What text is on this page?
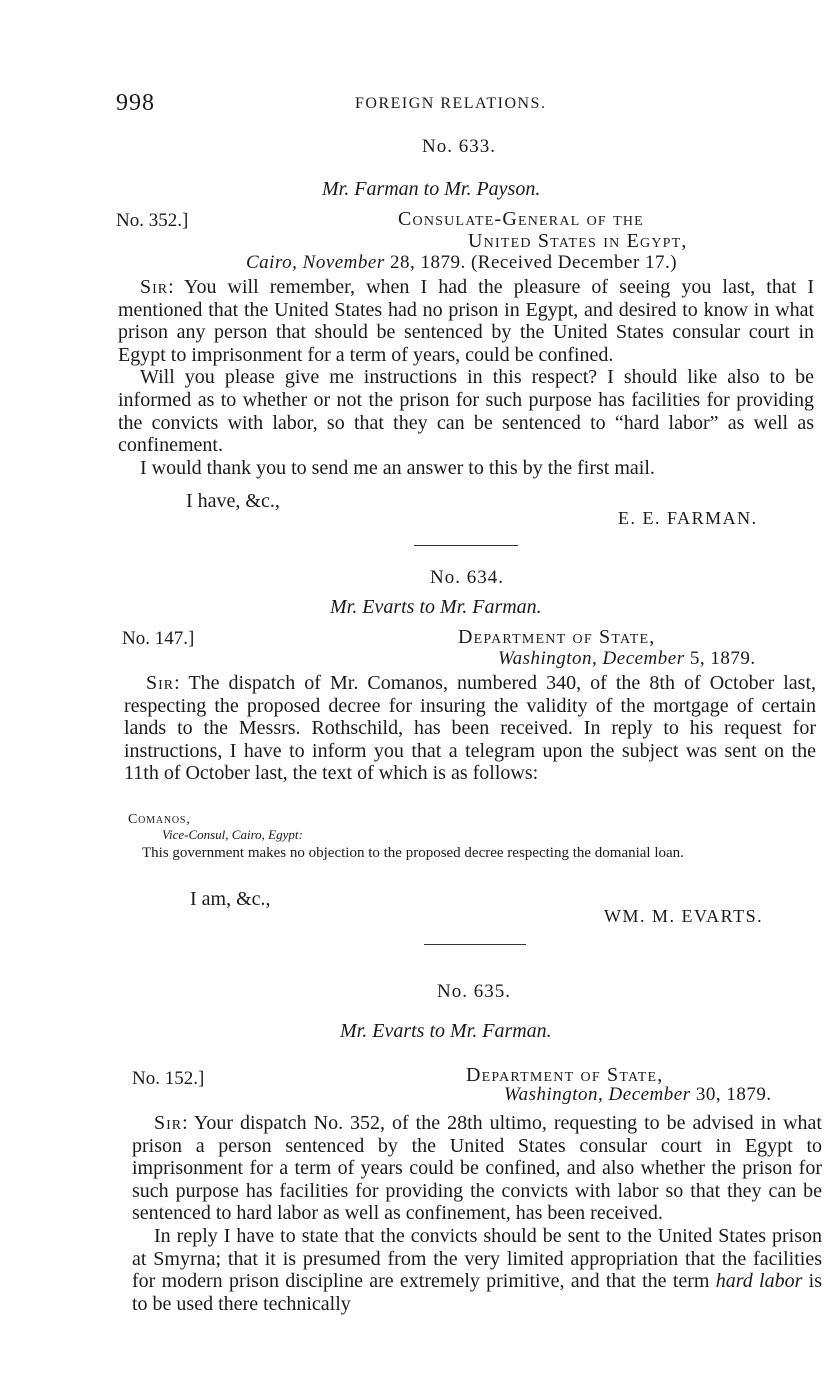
998	FOREIGN RELATIONS.
No. 633.
Mr. Farman to Mr. Payson.
No. 352.]	Consulate-General of the
United States in Egypt,
Cairo, November 28, 1879. (Received December 17.)

Sir: You will remember, when I had the pleasure of seeing you last, that I mentioned that the United States had no prison in Egypt, and desired to know in what prison any person that should be sentenced by the United States consular court in Egypt to imprisonment for a term of years, could be confined.

Will you please give me instructions in this respect? I should like also to be informed as to whether or not the prison for such purpose has facilities for providing the convicts with labor, so that they can be sentenced to “hard labor” as well as confinement.

I would thank you to send me an answer to this by the first mail.

I have, &c.,
E. E. FARMAN.
No. 634.
Mr. Evarts to Mr. Farman.
No. 147.]	Department of State,
Washington, December 5, 1879.

Sir: The dispatch of Mr. Comanos, numbered 340, of the 8th of October last, respecting the proposed decree for insuring the validity of the mortgage of certain lands to the Messrs. Rothschild, has been received. In reply to his request for instructions, I have to inform you that a telegram upon the subject was sent on the 11th of October last, the text of which is as follows:

Comanos,
Vice-Consul, Cairo, Egypt:

This government makes no objection to the proposed decree respecting the domanial loan.

I am, &c.,
WM. M. EVARTS.
No. 635.
Mr. Evarts to Mr. Farman.
No. 152.]	Department of State,
Washington, December 30, 1879.

Sir: Your dispatch No. 352, of the 28th ultimo, requesting to be advised in what prison a person sentenced by the United States consular court in Egypt to imprisonment for a term of years could be confined, and also whether the prison for such purpose has facilities for providing the convicts with labor so that they can be sentenced to hard labor as well as confinement, has been received.

In reply I have to state that the convicts should be sent to the United States prison at Smyrna; that it is presumed from the very limited appropriation that the facilities for modern prison discipline are extremely primitive, and that the term hard labor is to be used there technically
